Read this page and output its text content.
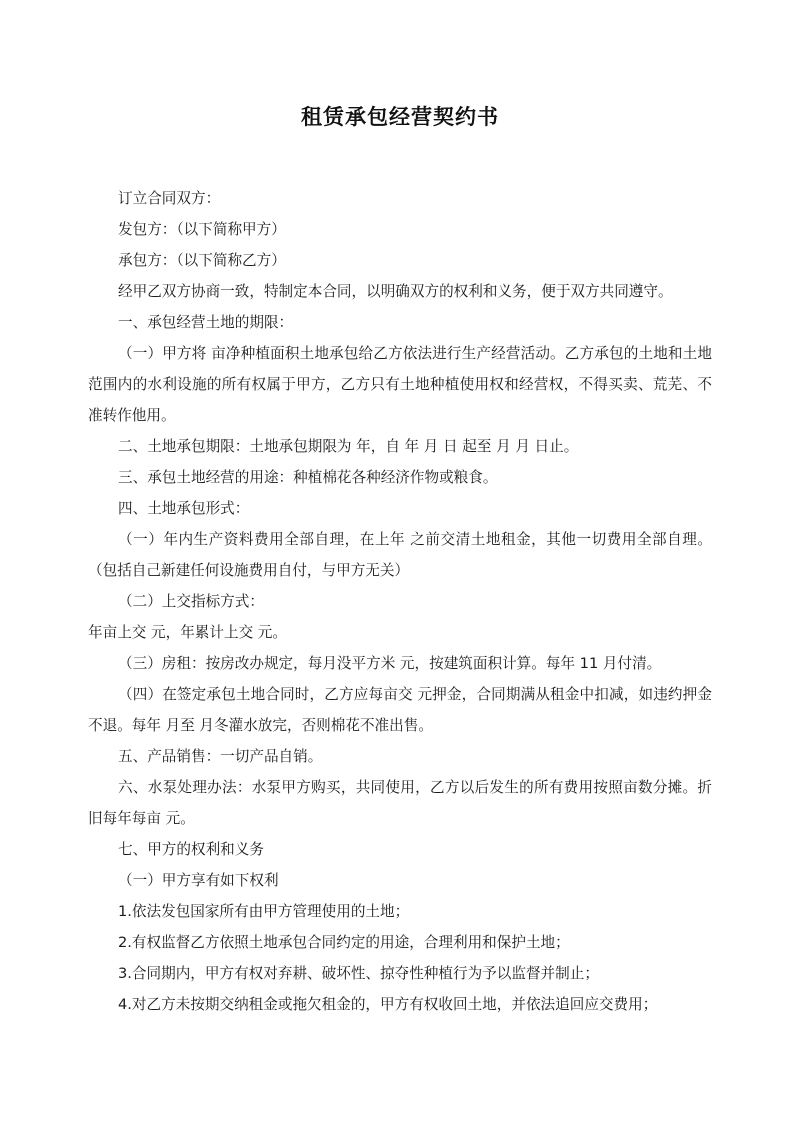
租赁承包经营契约书

订立合同双方：

发包方：（以下简称甲方）

承包方：（以下简称乙方）

经甲乙双方协商一致，特制定本合同，以明确双方的权利和义务，便于双方共同遵守。

一、承包经营土地的期限：

（一）甲方将 亩净种植面积土地承包给乙方依法进行生产经营活动。乙方承包的土地和土地范围内的水利设施的所有权属于甲方，乙方只有土地种植使用权和经营权，不得买卖、荒芜、不准转作他用。

二、土地承包期限：土地承包期限为 年，自 年 月 日 起至 月 月 日止。

三、承包土地经营的用途：种植棉花各种经济作物或粮食。

四、土地承包形式：

（一）年内生产资料费用全部自理，在上年 之前交清土地租金，其他一切费用全部自理。（包括自己新建任何设施费用自付，与甲方无关）

（二）上交指标方式：

年亩上交 元，年累计上交 元。

（三）房租：按房改办规定，每月没平方米 元，按建筑面积计算。每年 11 月付清。

（四）在签定承包土地合同时，乙方应每亩交 元押金，合同期满从租金中扣减，如违约押金不退。每年 月至 月冬灌水放完，否则棉花不准出售。

五、产品销售：一切产品自销。

六、水泵处理办法：水泵甲方购买，共同使用，乙方以后发生的所有费用按照亩数分摊。折旧每年每亩 元。

七、甲方的权利和义务

（一）甲方享有如下权利

1.依法发包国家所有由甲方管理使用的土地；

2.有权监督乙方依照土地承包合同约定的用途，合理利用和保护土地；

3.合同期内，甲方有权对弃耕、破坏性、掠夺性种植行为予以监督并制止；

4.对乙方未按期交纳租金或拖欠租金的，甲方有权收回土地，并依法追回应交费用；
